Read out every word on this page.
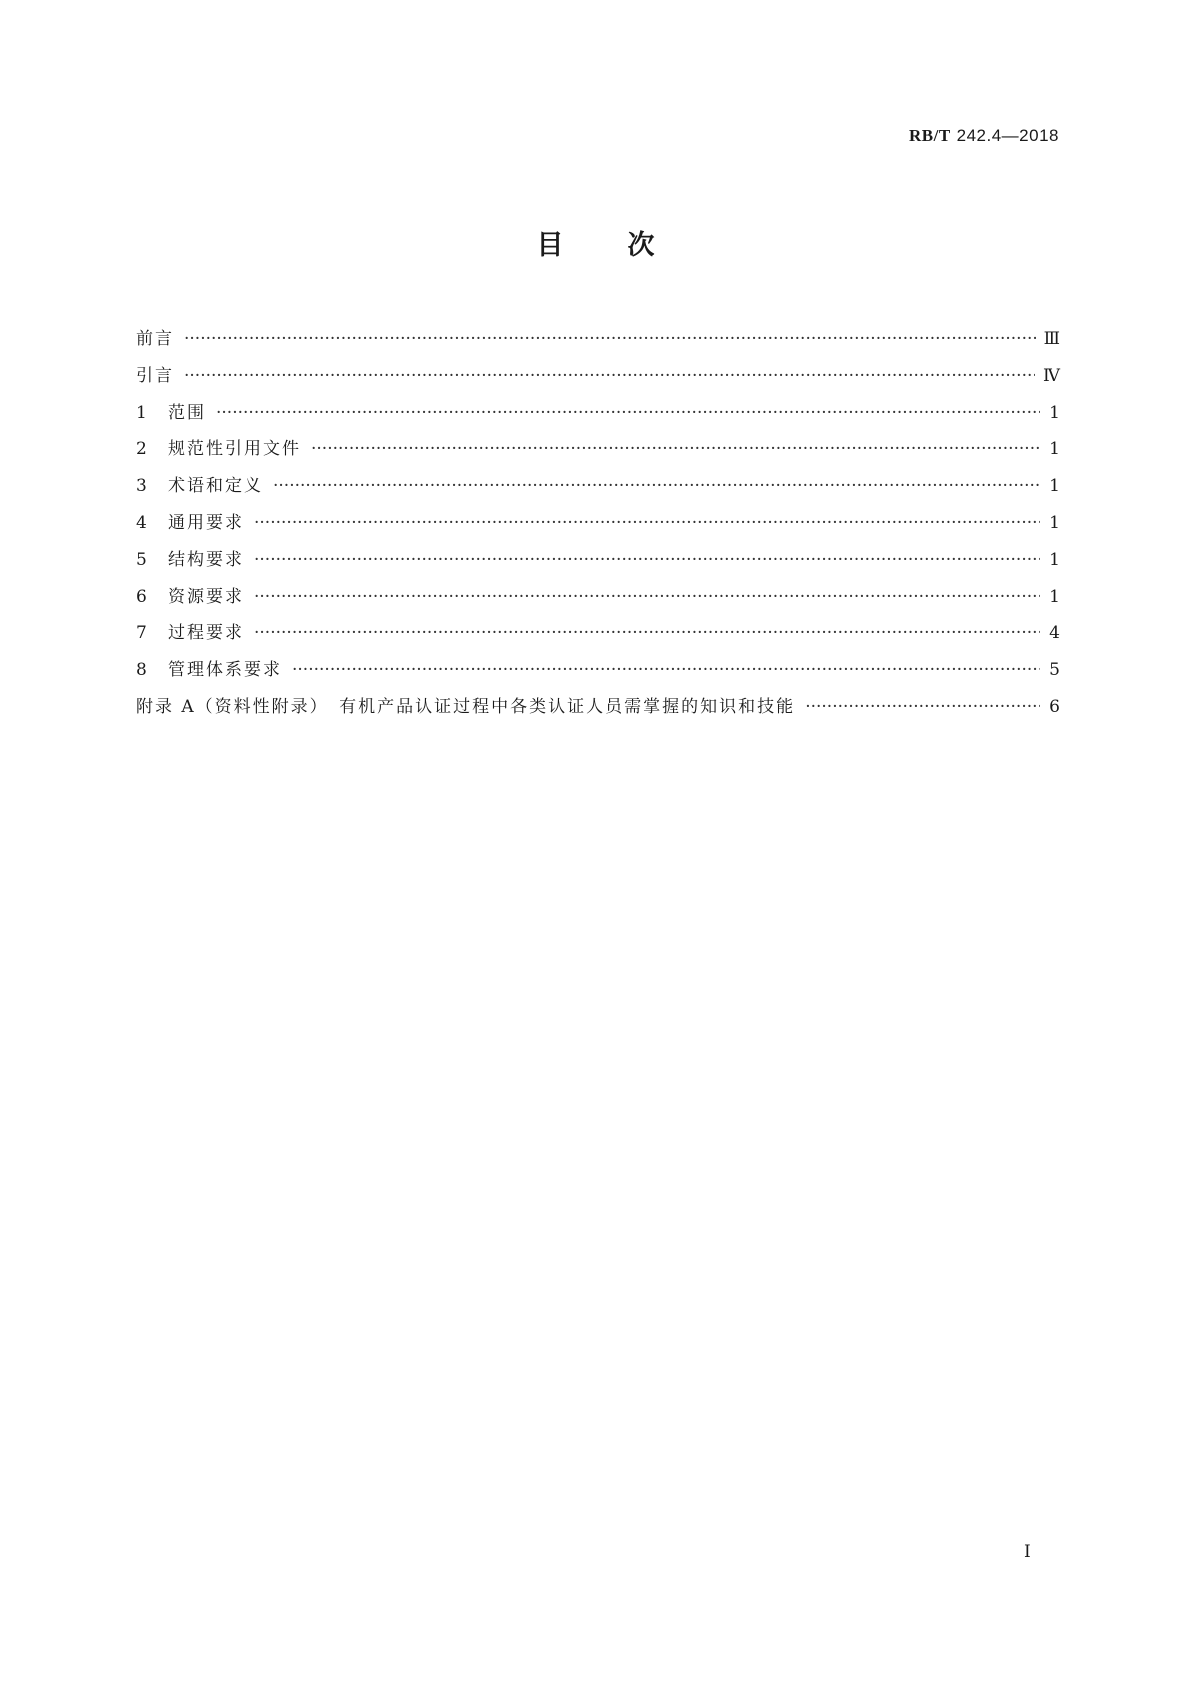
RB/T 242.4—2018
目次
前言 ·····	Ⅲ
引言 ·····	Ⅳ
1	范围 ·····	1
2	规范性引用文件 ·····	1
3	术语和定义 ·····	1
4	通用要求 ·····	1
5	结构要求 ·····	1
6	资源要求 ·····	1
7	过程要求 ·····	4
8	管理体系要求 ·····	5
附录 A（资料性附录）　有机产品认证过程中各类认证人员需掌握的知识和技能 ·····	6
Ⅰ
